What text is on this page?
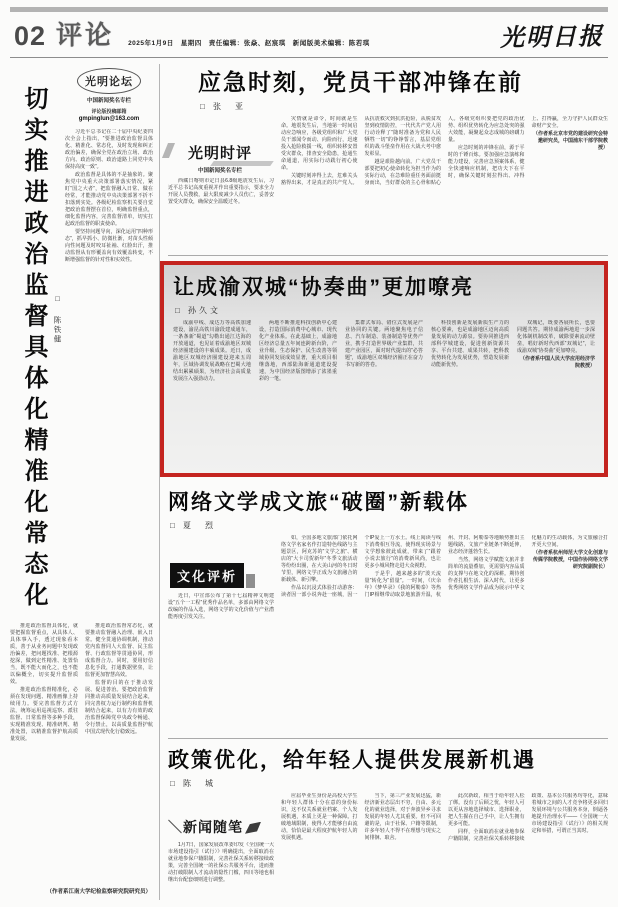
02 评论 2025年1月9日　星期四　责任编辑：张焱、赵宸琪　新闻版美术编辑：陈若琪	光明日报
切实推进政治监督具体化精准化常态化 □ 陈铁健
光明论坛
中国新闻奖名专栏
评论版投稿邮箱
gmpinglun@163.com

习近平总书记在二十届中央纪委四次全会上指出，“要推进政治监督具体化、精准化、常态化，及时发现和纠正政治偏差，确保全党在政治立场、政治方向、政治原则、政治道路上同党中央保持高度一致”。

政治监督是具体的不是抽象的。聚焦党中央重大决策部署落实情况，紧盯“国之大者”，把监督融入日常、做在经常，才能推动党中央决策部署不折不扣落到实处。各级纪检监察机关要自觉把政治监督摆在首位，明确监督重点，细化监督内容，完善监督清单，切实扛起政治监督的职责使命。

要坚持问题导向，深化运用“四种形态”，抓早抓小、防微杜渐，对苗头性倾向性问题及时咬耳扯袖、红脸出汗，推动监督从有形覆盖向有效覆盖转变，不断增强监督的针对性和实效性。

推进政治监督具体化，就要把握监督重点，从具体人、具体事入手，透过现象看本质，善于从业务问题中发现政治偏差，把问题找准、把根源挖深，做到定性精准、处置恰当，既不能大而化之，也不能以偏概全，切实提升监督质效。

推进政治监督精准化，必须在发现问题、精准画像上持续用力。要完善监督方式方法，统筹运用巡视巡察、派驻监督、日常监督等多种手段，实现精准发现、精准研判、精准处置，以精准监督护航高质量发展。

推进政治监督常态化，就要推动监督融入治理、嵌入日常。健全贯通协调机制，推动党内监督同人大监督、民主监督、行政监督等贯通协同，形成监督合力。同时，要用好信息化手段，打通数据壁垒，让监督更加智慧高效。

监督的目的在于推动发展、促进善治。要把政治监督同推动高质量发展结合起来，同完善权力运行制约和监督机制结合起来，以有力有效的政治监督保障党中央政令畅通、令行禁止，以高质量监督护航中国式现代化行稳致远。

（作者系江南大学纪检监察研究院研究员）
应急时刻，党员干部冲锋在前
□ 张　亚
光明时评
中国新闻奖名专栏

西藏日喀则市定日县6.8级地震发生后，习近平总书记高度重视并作出重要指示，要求全力开展人员搜救，最大限度减少人员伤亡，妥善安置受灾群众，确保安全温暖过冬。

灾情就是命令，时间就是生命。地震发生后，当地第一时间启动应急响应，各级党组织和广大党员干部闻令而动、向险而行，迅速投入抢险救援一线，组织转移安置受灾群众，排查安全隐患，抢通生命通道，用实际行动践行初心使命。

关键时刻冲得上去，危难关头豁得出来，才是真正的共产党人。从抗震救灾到抗洪抢险，从脱贫攻坚到疫情防控，一代代共产党人用行动诠释了“随时准备为党和人民牺牲一切”的铮铮誓言，基层党组织的战斗堡垒作用在大战大考中愈发彰显。

越是艰险越向前。广大党员干部要把初心使命转化为担当作为的实际行动，在急难险重任务面前挺身而出，当好群众的主心骨和贴心人。各级党组织要把党的政治优势、组织优势转化为应急处突的强大效能，凝聚起众志成城的磅礴力量。

应急时刻的冲锋在前，源于平时的千锤百炼。要加强应急演练和能力建设，完善应急预案体系，健全快速响应机制，把功夫下在平时，确保关键时刻拉得出、冲得上、打得赢，全力守护人民群众生命财产安全。

（作者系北京市党的建设研究会特邀研究员，中国浦东干部学院教授）

让成渝双城“协奏曲”更加嘹亮
□ 孙久文

成渝中线、成达万等高铁加速建设，渝昆高铁川渝段建成通车，一条条新“蜀道”勾勒出通江达海的开放通道，也见证着成渝地区双城经济圈建设的丰硕成果。近日，成渝地区双城经济圈建设迎来五周年，区域协调发展战略在巴蜀大地结出累累硕果，为经济社会高质量发展注入强劲动力。

两地不断推进科技创新中心建设，打造国际消费中心城市、现代化产业体系。在此基础上，成渝地区经济总量五年间连跨新台阶，产业升级、生态保护、民生改善等领域协同发展成效显著，重大项目相继落地，西部陆海新通道建设提速，为中国经济版图增添了浓墨重彩的一笔。

集群式布局、错位式发展是产业协同的关键。两地聚焦电子信息、汽车制造、装备制造等优势产业，携手打造世界级产业集群，共建产业园区，面对时代提出的“必答题”，成渝地区双城经济圈正在奋力书写新的答卷。

科技创新是发展新质生产力的核心要素，也是成渝地区迈向高质量发展的动力源泉。要协同推进西部科学城建设，促进创新资源共享、平台共建、成果共转，把科教优势转化为发展优势，塑造发展新动能新优势。

双城记，既要各展所长，也要同题共答。期待成渝两地进一步深化体制机制改革，破除要素流动壁垒，唱好新时代西部“双城记”，让成渝双城“协奏曲”更加嘹亮。

（作者系中国人民大学应用经济学院教授）

网络文学成文旅“破圈”新载体
□ 夏　烈
文化评析

近日，中宣部公布了第十七届精神文明建设“五个一工程”优秀作品名单，多部由网络文学改编的作品入选，网络文学的文化价值与产业潜能再度引发关注。

如，全国多地文旅部门依托网络文学名家名作打造特色线路与主题景区，阿克苏的“文学之旅”、横店的“大卡司贺新年”冬季文旅活动等纷纷出圈，在大美山河的冬日时节里，网络文学正成为文旅融合的新载体、新引擎。

作品以沉浸式体验打动游客：读者因一部小说奔赴一座城，因一个IP爱上一方水土。线上阅读与线下消费相互导流，使得现实场景与文学想象彼此成就，带来了“跟着小说去旅行”的消费新风尚，也让更多小城风物走进大众视野。

于是乎，越来越多的“泼天流量”转化为“留量”。一时间，《庆余年》《梦华录》《我的阿勒泰》等热门IP相继带动取景地旅游升温，杭州、开封、阿勒泰等地顺势推出主题线路，文旅产业链条不断延伸，业态经济蓬勃生长。

当然，网络文学赋能文旅并非简单的流量叠加，更需要内容品质的支撑与在地文化的深耕。期待创作者扎根生活、深入时代，让更多优秀网络文学作品成为展示中华文化魅力的生动载体，为文旅融合打开更大空间。

（作者系杭州师范大学文化创意与传媒学院教授，中国作协网络文学研究院副院长）

政策优化，给年轻人提供发展新机遇
□ 陈　城
＼新闻随笔

1月7日，国家发展改革委印发《全国统一大市场建设指引（试行）》明确提出，全面取消在就业地参保户籍限制，完善社保关系转移接续政策，完善全国统一的社保公共服务平台，进而推动打破限制人才流动的隐性门槛，四川等地也相继出台配套细则进行调整。

应届毕业生身份是高校大学生和年轻人群体十分在意的身份标识，这不仅关系就业档案、个人发展机遇，本质上更是一种保障。打破地域限制，使得人才能够自由流动，恰恰是最大程度护航年轻人的发展机遇。

当下，第三产业发展迅猛，新经济新业态层出不穷，自由、多元化的就业选择，对于奔波异乡寻求发展的年轻人尤其重要。但不可回避的是，由于社保、户籍等限制，许多年轻人不得不在理想与现实之间徘徊、取舍。

此次新政，相当于给年轻人松了绑。没有了后顾之忧，年轻人可以更从容地选择城市、选择职业，把人生握在自己手中，让人生拥有更多可能。

同样，全面取消在就业地参保户籍限制，完善社保关系转移接续政策、基本公共服务均等化，意味着城市之间的人才竞争将更多回归发展环境与公共服务本身，倒逼各地提升治理水平——《全国统一大市场建设指引（试行）》的相关规定和举措，可谓正当其时。
